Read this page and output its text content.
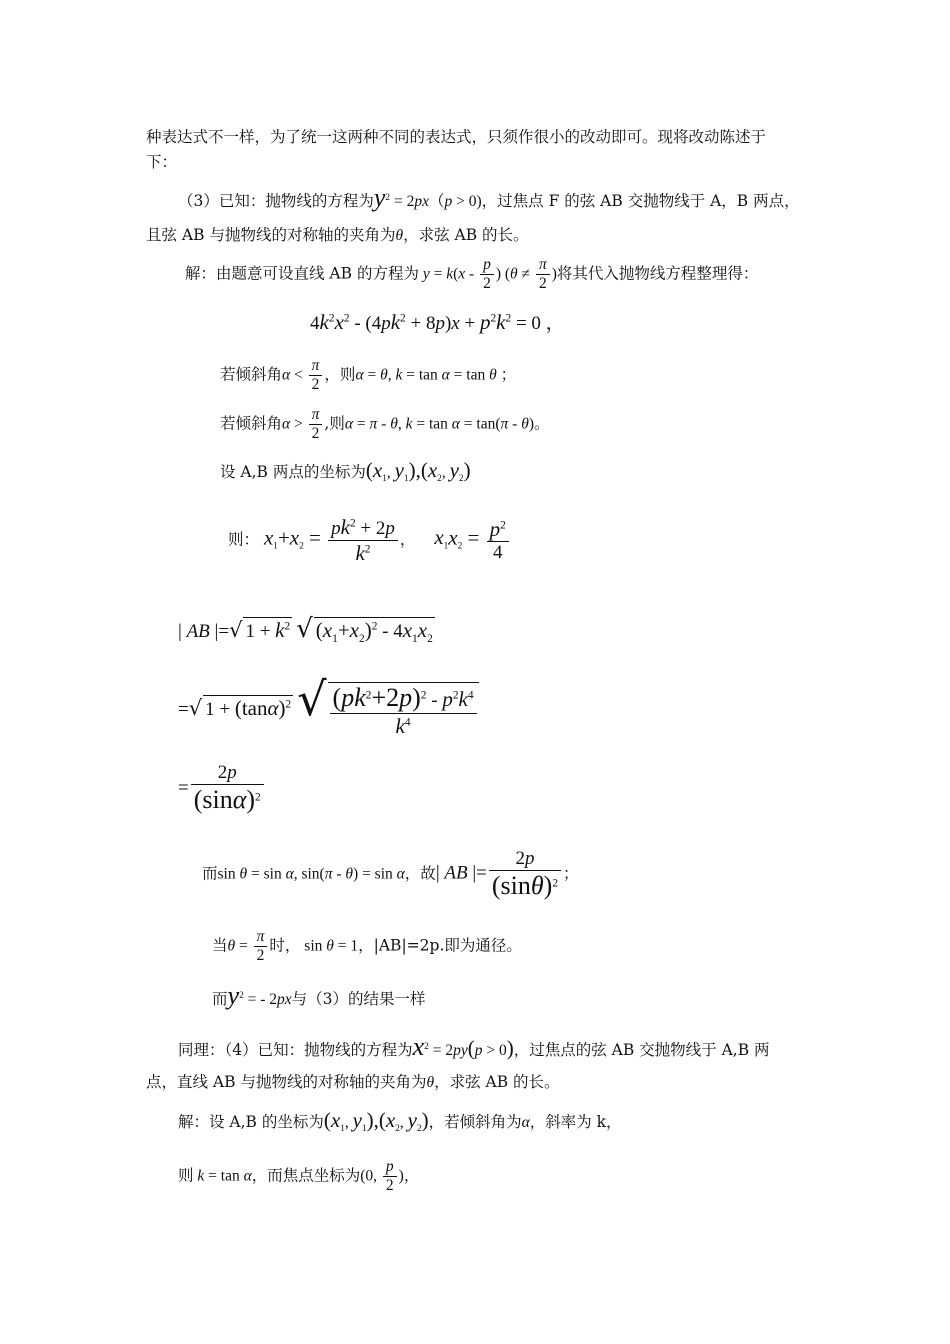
种表达式不一样，为了统一这两种不同的表达式，只须作很小的改动即可。现将改动陈述于
下：
（3）已知：抛物线的方程为$y^2 = 2px(p > 0)$，过焦点 F 的弦 AB 交抛物线于 A，B 两点，
且弦 AB 与抛物线的对称轴的夹角为θ，求弦 AB 的长。
解：由题意可设直线 AB 的方程为 $y = k(x - \frac{p}{2}$ ) ($\theta \ne \frac{\pi}{2}$ )将其代入抛物线方程整理得：
$4k^2x^2 - (4pk^2 + 8p)x + p^2k^2 = 0$ ，
若倾斜角$\alpha < \frac{\pi}{2}$ ，则α = θ, k = tan α = tan θ ；
若倾斜角$\alpha > \frac{\pi}{2}$ ,则α = π - θ, k = tan α = tan(π - θ)。
设 A,B 两点的坐标为($x_1$, $y_1),(x_2$, $y_2$)
则： $x_1+x_2 = \frac{pk^2 + 2p}{k^2}$ ， $x_1x_2 = \frac{p^2}{4}$
| AB |=√ $1 + k^2$ √ $(x_1+x_2)^2 - 4x_1x_2$
=√ $1 + (\tan\alpha)^2$ √ $\frac{(pk^2+2p)^2 - p^2k^4}{k^4}$
= $\frac{2p}{(\sin\alpha)^2}$
而sin θ = sin α, sin(π - θ) = sin α，故| AB |= $\frac{2p}{(\sin\theta)^2}$ ；
当$\theta = \frac{\pi}{2}$ 时， sin θ = 1，|AB|=2p.即为通径。
而$y^2$ = - 2px与（3）的结果一样
同理：（4）已知：抛物线的方程为$x^2 = 2py(p > 0)$，过焦点的弦 AB 交抛物线于 A,B 两
点，直线 AB 与抛物线的对称轴的夹角为θ，求弦 AB 的长。
解：设 A,B 的坐标为($x_1$, $y_1),(x_2$, $y_2$)，若倾斜角为α，斜率为 k，
则 k = tan α，而焦点坐标为(0, $\frac{p}{2}$ )，
